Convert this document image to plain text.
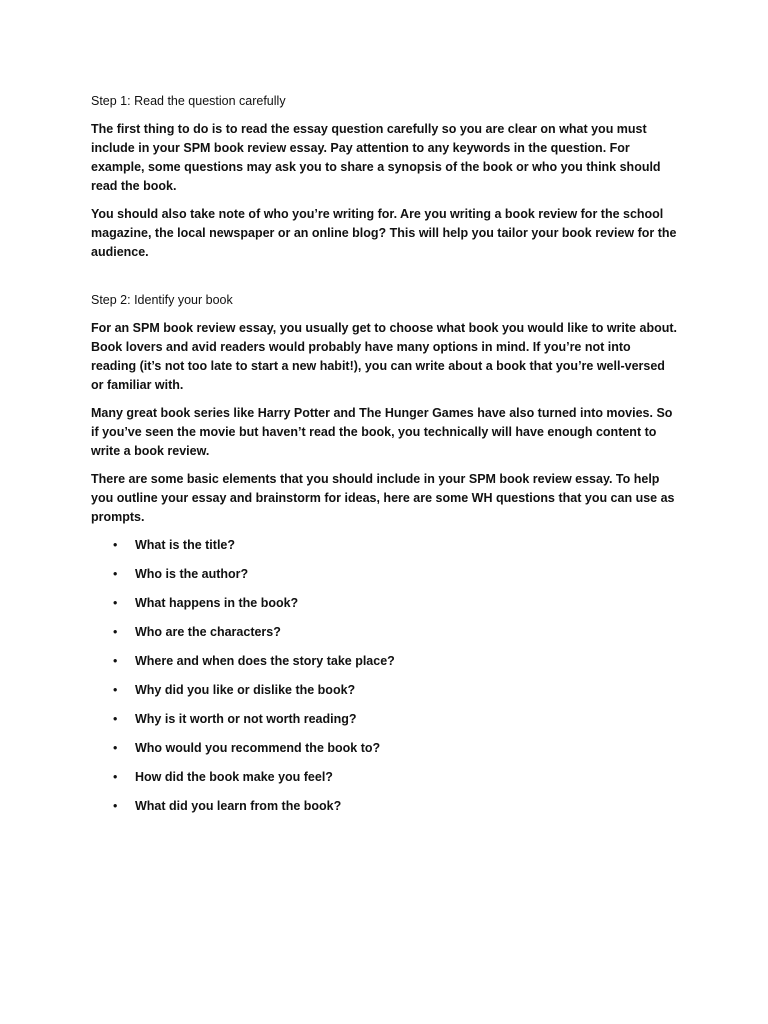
Step 1: Read the question carefully

The first thing to do is to read the essay question carefully so you are clear on what you must include in your SPM book review essay. Pay attention to any keywords in the question. For example, some questions may ask you to share a synopsis of the book or who you think should read the book.

You should also take note of who you’re writing for. Are you writing a book review for the school magazine, the local newspaper or an online blog? This will help you tailor your book review for the audience.

Step 2: Identify your book

For an SPM book review essay, you usually get to choose what book you would like to write about. Book lovers and avid readers would probably have many options in mind. If you’re not into reading (it’s not too late to start a new habit!), you can write about a book that you’re well-versed or familiar with.

Many great book series like Harry Potter and The Hunger Games have also turned into movies. So if you’ve seen the movie but haven’t read the book, you technically will have enough content to write a book review.

There are some basic elements that you should include in your SPM book review essay. To help you outline your essay and brainstorm for ideas, here are some WH questions that you can use as prompts.

• What is the title?
• Who is the author?
• What happens in the book?
• Who are the characters?
• Where and when does the story take place?
• Why did you like or dislike the book?
• Why is it worth or not worth reading?
• Who would you recommend the book to?
• How did the book make you feel?
• What did you learn from the book?
